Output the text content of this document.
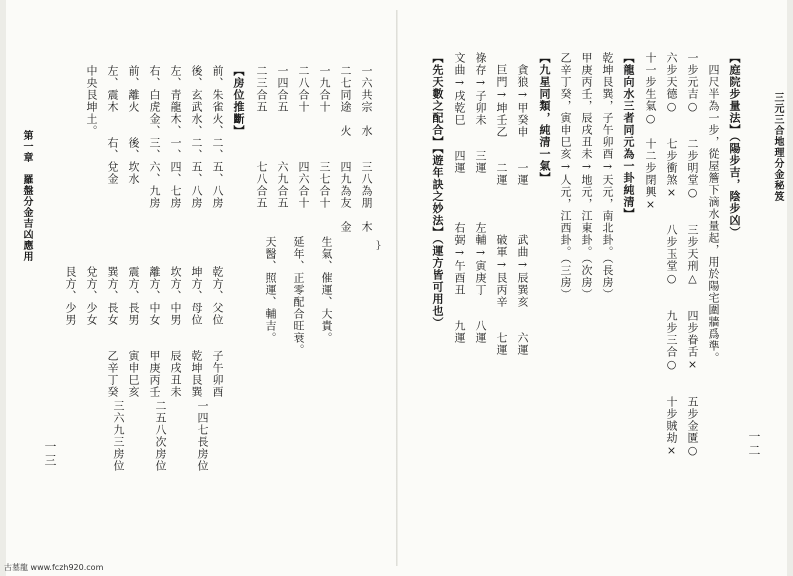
三元三合地理分金秘笈
一二
【庭院步量法】（陽步吉，陰步凶）
四尺半為一步，從屋簷下滴水量起，用於陽宅圍牆爲準。
一步元吉○　　二步明堂○　　三步天刑△　　四步眷舌×　　五步金匱○
六步天德○　　七步衝煞×　　八步玉堂○　　九步三合○　　十步賊劫×
十一步生氣○　十二步閉興×
【龍向水三者同元為一卦純清】
乾坤艮巽，子午卯酉→天元，南北卦。（長房）
甲庚丙壬，辰戌丑未→地元，江東卦。（次房）
乙辛丁癸，寅申巳亥→人元，江西卦。（三房）
【九星同類，純清一氣】
貪狼→甲癸申　　一運　　　　武曲→辰巽亥　　六運
巨門→坤壬乙　　二運　　　　破軍→艮丙辛　　七運
祿存→子卯未　　三運　　　　左輔→寅庚丁　　八運
文曲→戌乾巳　　四運　　　　右弼→午酉丑　　九運
【先天數之配合】【遊年訣之妙法】（運方皆可用也）
第一章　羅盤分金吉凶應用
一三
一六共宗　水　　三八為朋　木
二七同途　火　　四九為友　金
一九合十　　　　三七合十
二八合十　　　　四六合十
一四合五　　　　六九合五
二三合五　　　　七八合五
}
生氣、催運、大貴。
延年、正零配合旺衰。
天醫、照運、輔吉。
【房位推斷】
前、朱雀火、二、五、八房
後、玄武水、二、五、八房
左、青龍木、一、四、七房
右、白虎金、三、六、九房
前、離火　　後、坎水
左、震木　　右、兌金
中央艮坤土。
乾方、父位　　子午卯酉
坤方、母位　　乾坤艮巽
坎方、中男　　辰戌丑未
離方、中女　　甲庚丙壬
震方、長男　　寅申巳亥
巽方、長女　　乙辛丁癸
兌方、少女
艮方、少男
一四七長房位
二五八次房位
三六九三房位
古墓龍 www.fczh920.com
